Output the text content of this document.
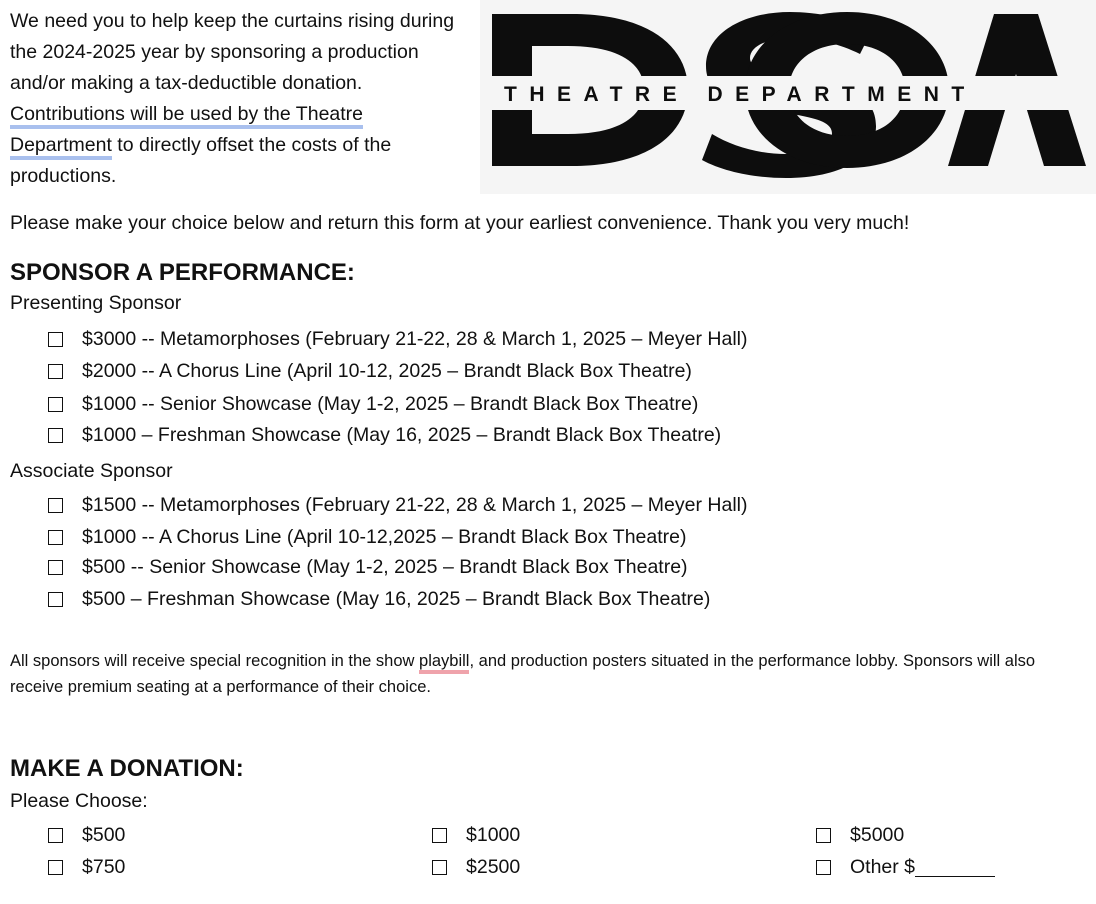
We need you to help keep the curtains rising during the 2024-2025 year by sponsoring a production and/or making a tax-deductible donation. Contributions will be used by the Theatre Department to directly offset the costs of the productions.
THEATRE DEPARTMENT
Please make your choice below and return this form at your earliest convenience. Thank you very much!
SPONSOR A PERFORMANCE:
Presenting Sponsor
$3000 -- Metamorphoses (February 21-22, 28 & March 1, 2025 – Meyer Hall)
$2000 -- A Chorus Line (April 10-12, 2025 – Brandt Black Box Theatre)
$1000 -- Senior Showcase (May 1-2, 2025 – Brandt Black Box Theatre)
$1000 – Freshman Showcase (May 16, 2025 – Brandt Black Box Theatre)
Associate Sponsor
$1500 -- Metamorphoses (February 21-22, 28 & March 1, 2025 – Meyer Hall)
$1000 -- A Chorus Line (April 10-12,2025 – Brandt Black Box Theatre)
$500 -- Senior Showcase (May 1-2, 2025 – Brandt Black Box Theatre)
$500 – Freshman Showcase (May 16, 2025 – Brandt Black Box Theatre)
All sponsors will receive special recognition in the show playbill, and production posters situated in the performance lobby. Sponsors will also receive premium seating at a performance of their choice.
MAKE A DONATION:
Please Choose:
$500
$750
$1000
$2500
$5000
Other $
